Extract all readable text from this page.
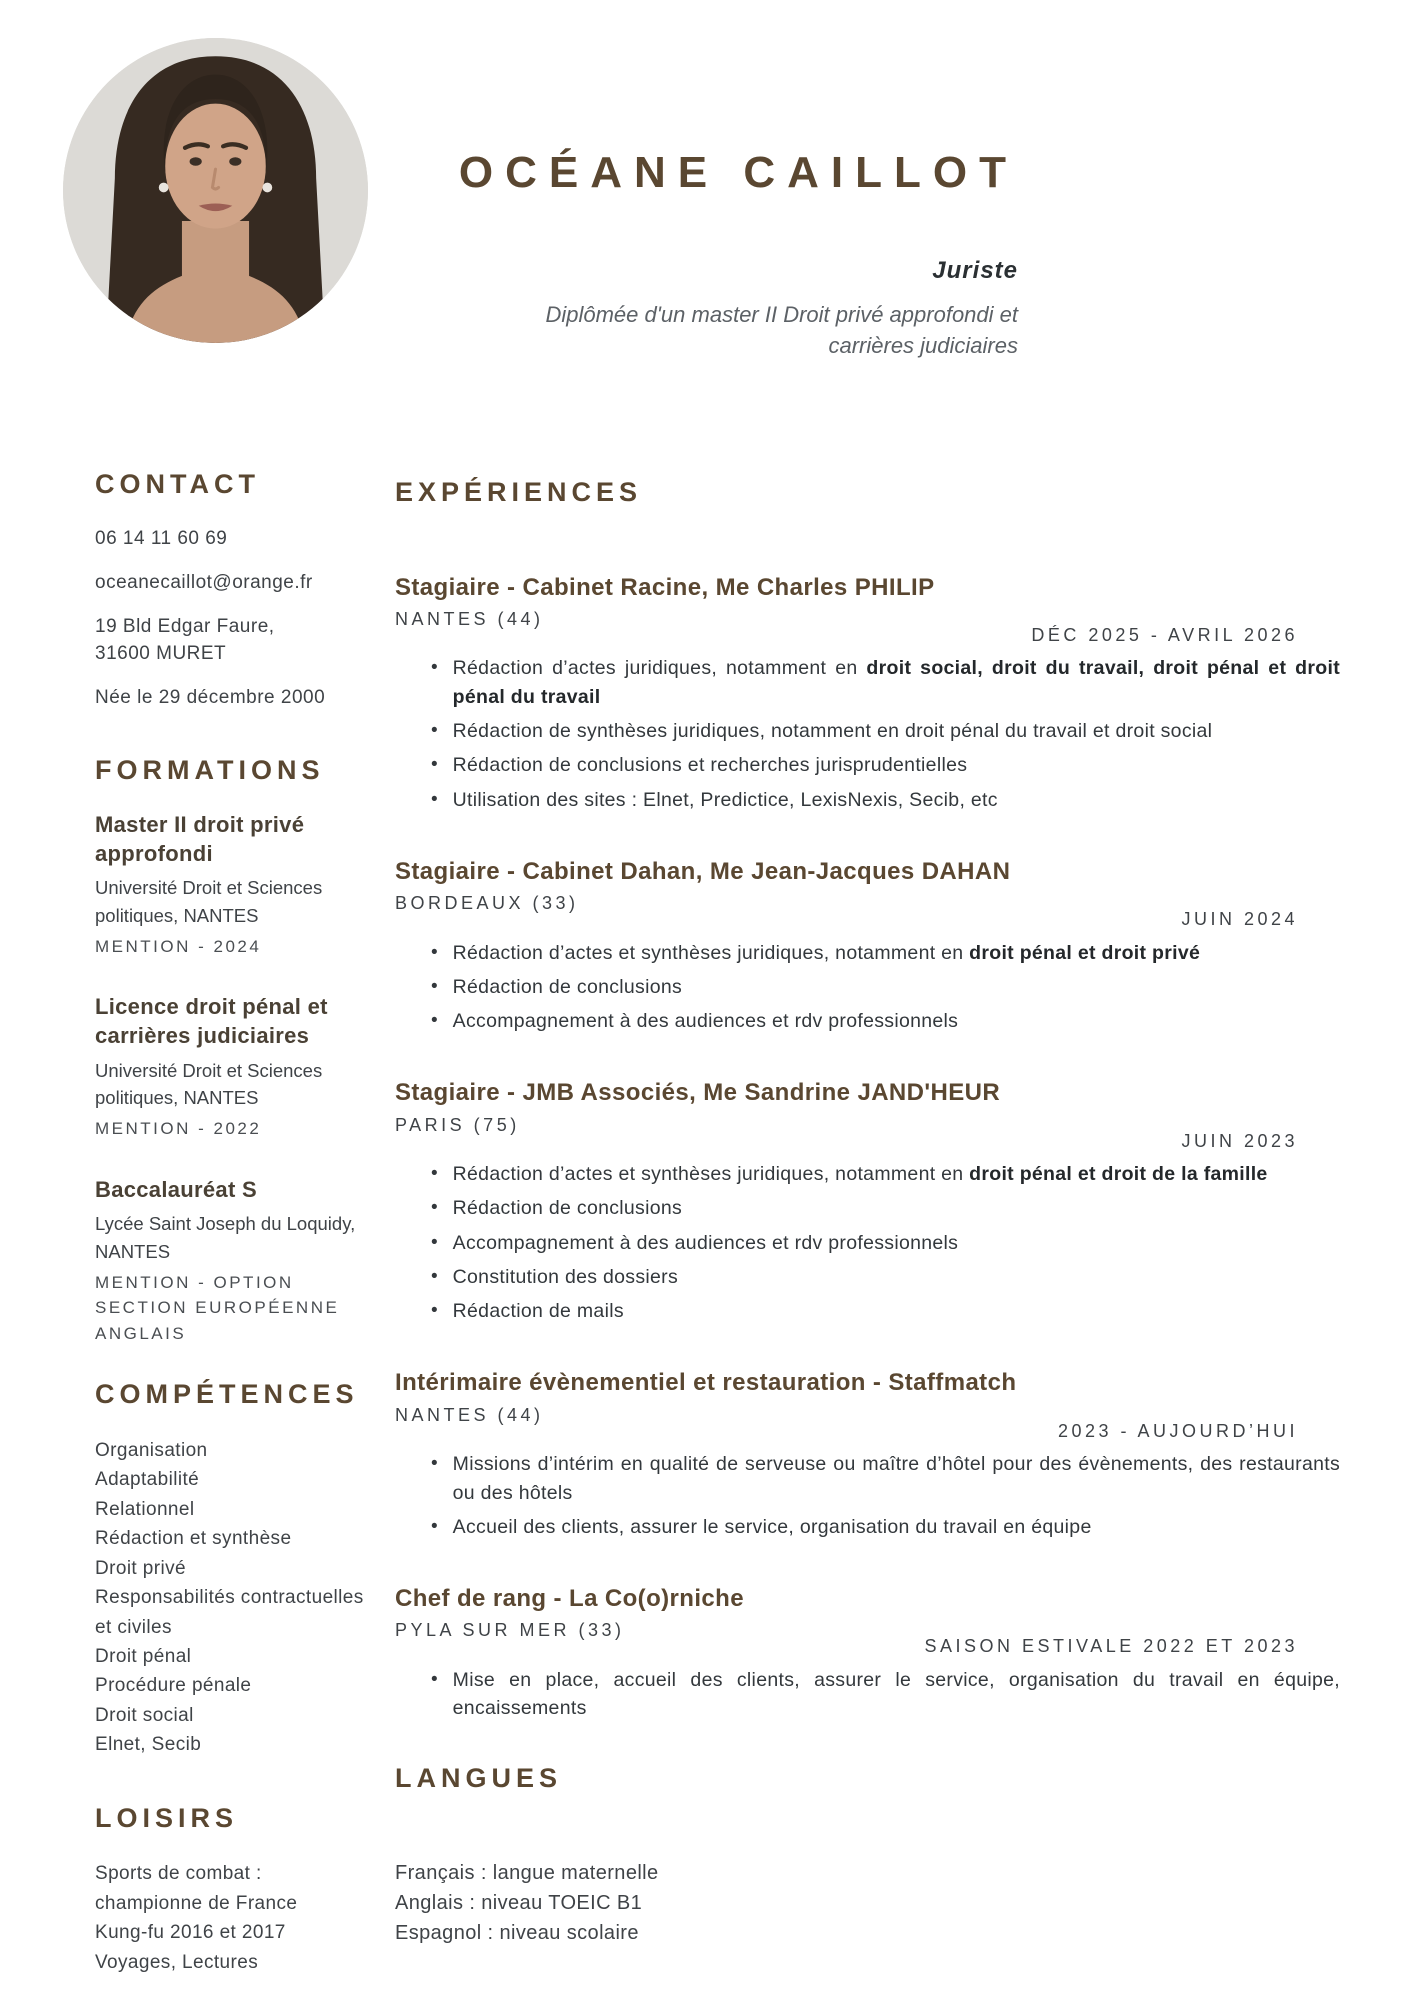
OCÉANE CAILLOT
Juriste
Diplômée d'un master II Droit privé approfondi et
carrières judiciaires
CONTACT
06 14 11 60 69
oceanecaillot@orange.fr
19 Bld Edgar Faure,
31600 MURET
Née le 29 décembre 2000
FORMATIONS
Master II droit privé approfondi
Université Droit et Sciences politiques, NANTES
MENTION - 2024
Licence droit pénal et carrières judiciaires
Université Droit et Sciences politiques, NANTES
MENTION - 2022
Baccalauréat S
Lycée Saint Joseph du Loquidy, NANTES
MENTION - OPTION SECTION EUROPÉENNE ANGLAIS
COMPÉTENCES
Organisation
Adaptabilité
Relationnel
Rédaction et synthèse
Droit privé
Responsabilités contractuelles et civiles
Droit pénal
Procédure pénale
Droit social
Elnet, Secib
LOISIRS
Sports de combat : championne de France Kung-fu 2016 et 2017
Voyages, Lectures
EXPÉRIENCES
Stagiaire - Cabinet Racine, Me Charles PHILIP
NANTES (44)
DÉC 2025 - AVRIL 2026
• Rédaction d’actes juridiques, notamment en droit social, droit du travail, droit pénal et droit pénal du travail
• Rédaction de synthèses juridiques, notamment en droit pénal du travail et droit social
• Rédaction de conclusions et recherches jurisprudentielles
• Utilisation des sites : Elnet, Predictice, LexisNexis, Secib, etc
Stagiaire - Cabinet Dahan, Me Jean-Jacques DAHAN
BORDEAUX (33)
JUIN 2024
• Rédaction d’actes et synthèses juridiques, notamment en droit pénal et droit privé
• Rédaction de conclusions
• Accompagnement à des audiences et rdv professionnels
Stagiaire - JMB Associés, Me Sandrine JAND'HEUR
PARIS (75)
JUIN 2023
• Rédaction d’actes et synthèses juridiques, notamment en droit pénal et droit de la famille
• Rédaction de conclusions
• Accompagnement à des audiences et rdv professionnels
• Constitution des dossiers
• Rédaction de mails
Intérimaire évènementiel et restauration - Staffmatch
NANTES (44)
2023 - AUJOURD’HUI
• Missions d’intérim en qualité de serveuse ou maître d’hôtel pour des évènements, des restaurants ou des hôtels
• Accueil des clients, assurer le service, organisation du travail en équipe
Chef de rang - La Co(o)rniche
PYLA SUR MER (33)
SAISON ESTIVALE 2022 ET 2023
• Mise en place, accueil des clients, assurer le service, organisation du travail en équipe, encaissements
LANGUES
Français : langue maternelle
Anglais : niveau TOEIC B1
Espagnol : niveau scolaire
